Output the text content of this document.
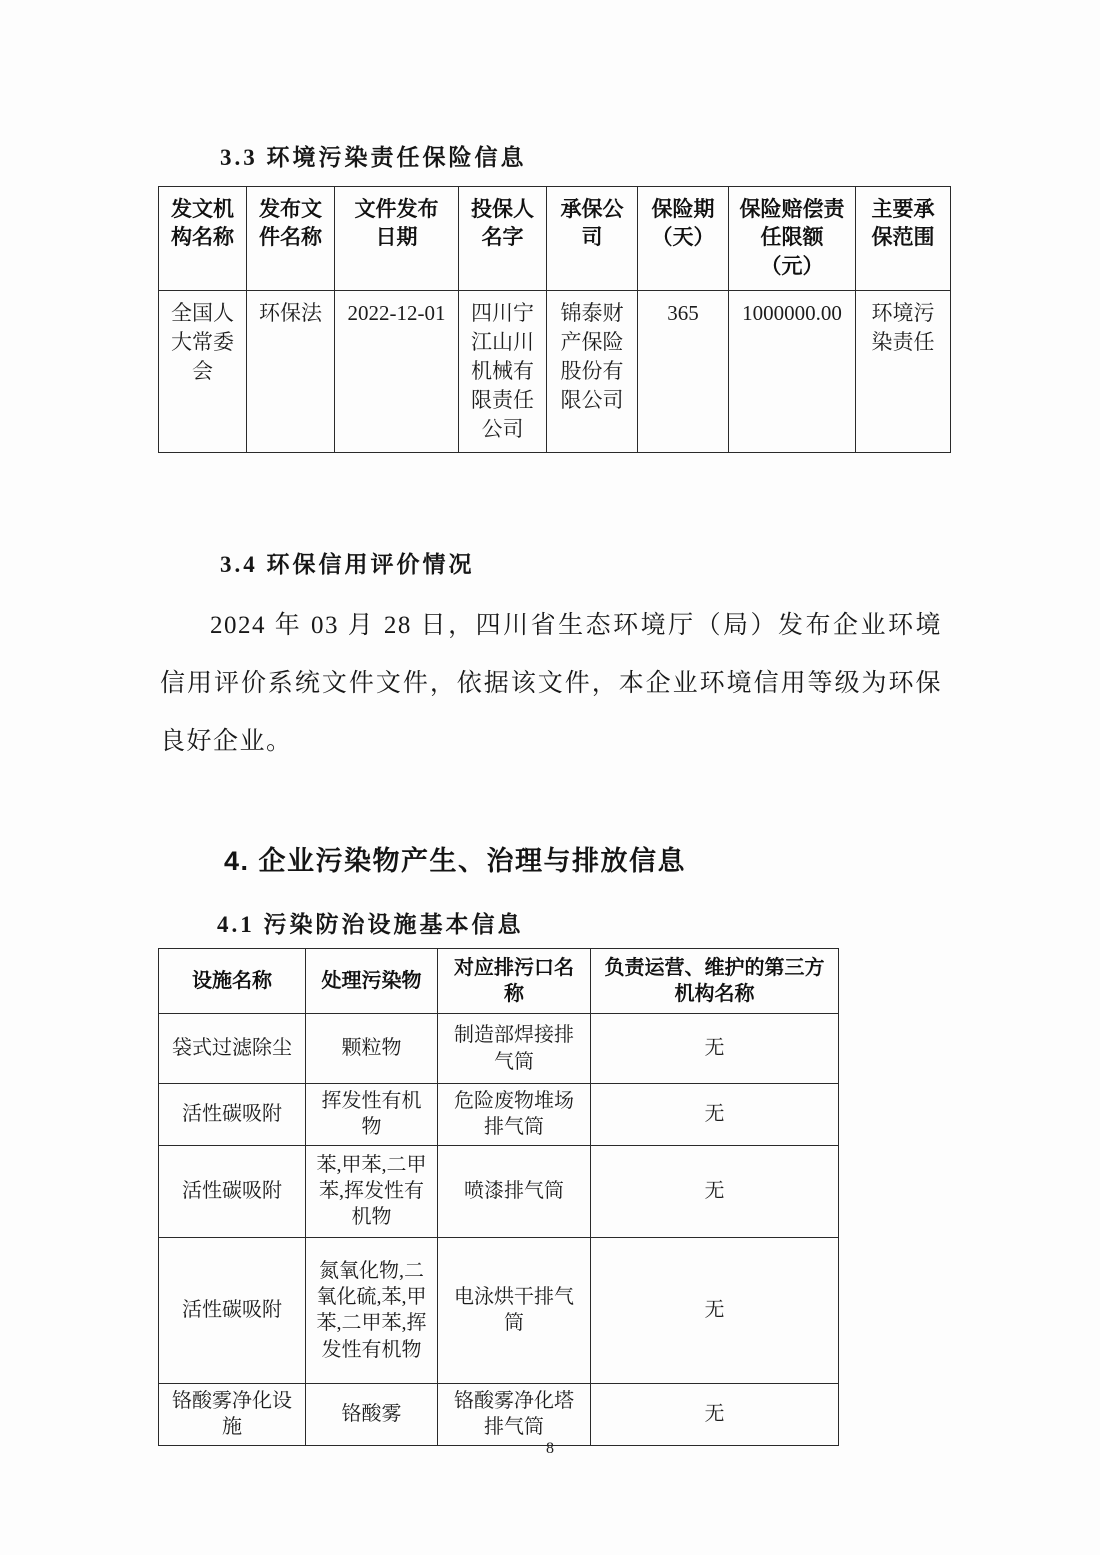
3.3 环境污染责任保险信息
发文机构名称	发布文件名称	文件发布日期	投保人名字	承保公司	保险期（天）	保险赔偿责任限额（元）	主要承保范围
全国人大常委会	环保法	2022-12-01	四川宁江山川机械有限责任公司	锦泰财产保险股份有限公司	365	1000000.00	环境污染责任
3.4 环保信用评价情况

2024 年 03 月 28 日，四川省生态环境厅（局）发布企业环境信用评价系统文件文件，依据该文件，本企业环境信用等级为环保良好企业。

4. 企业污染物产生、治理与排放信息
4.1 污染防治设施基本信息
设施名称	处理污染物	对应排污口名称	负责运营、维护的第三方机构名称
袋式过滤除尘	颗粒物	制造部焊接排气筒	无
活性碳吸附	挥发性有机物	危险废物堆场排气筒	无
活性碳吸附	苯,甲苯,二甲苯,挥发性有机物	喷漆排气筒	无
活性碳吸附	氮氧化物,二氧化硫,苯,甲苯,二甲苯,挥发性有机物	电泳烘干排气筒	无
铬酸雾净化设施	铬酸雾	铬酸雾净化塔排气筒	无
8
